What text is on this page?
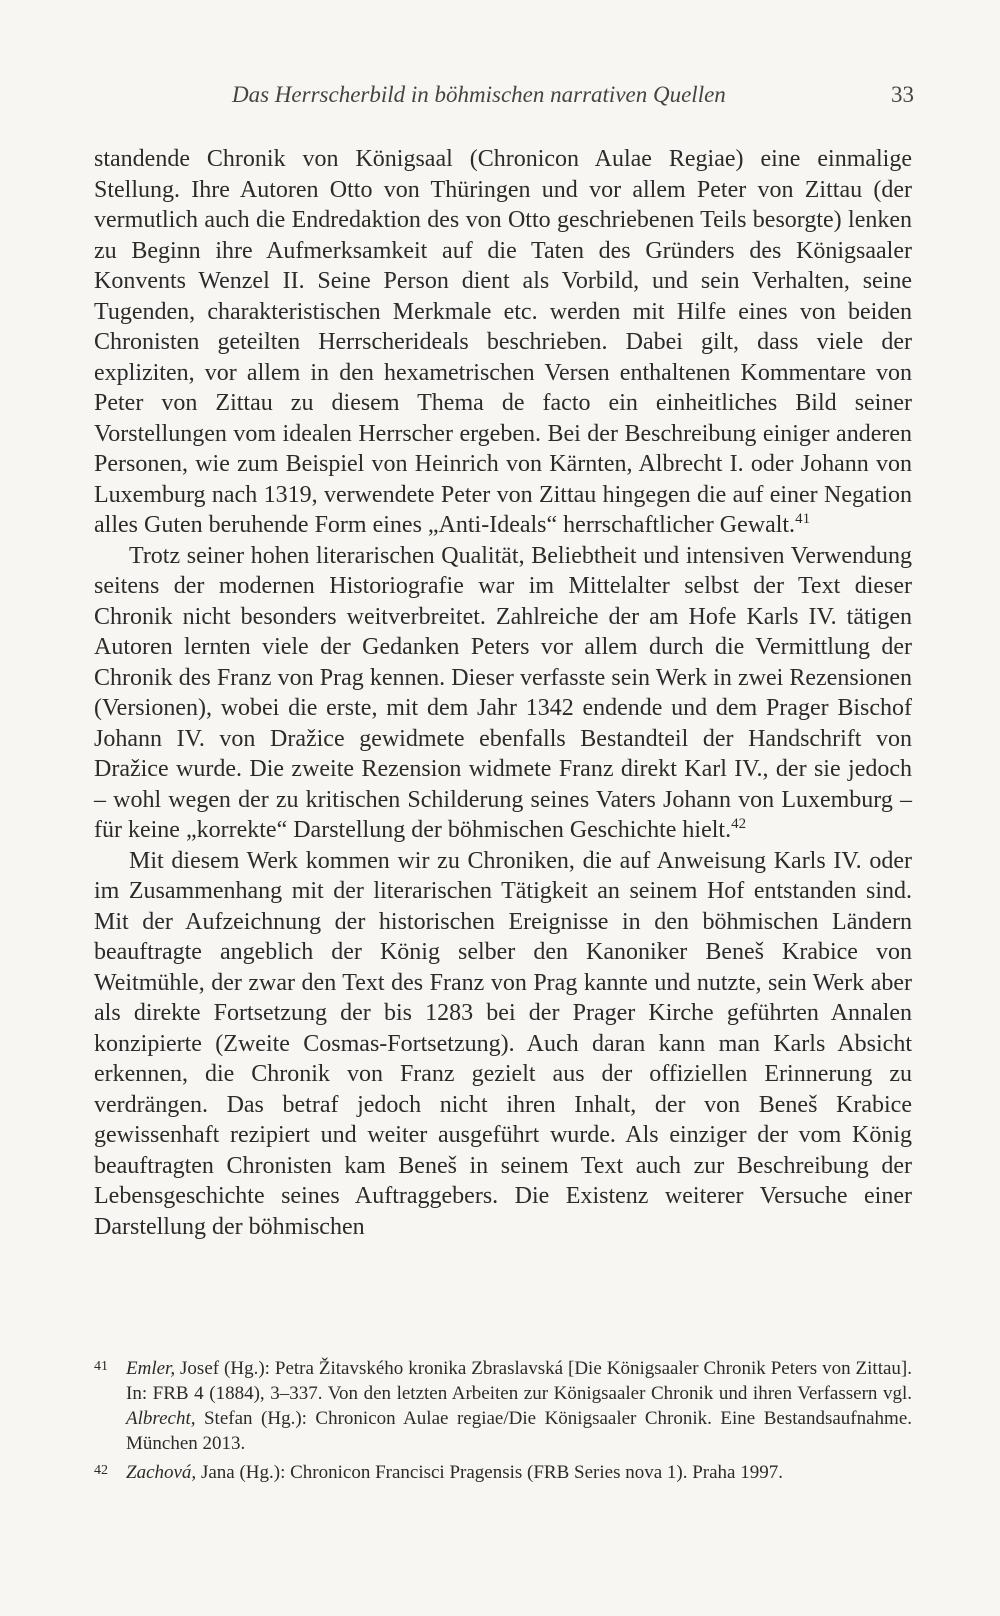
Das Herrscherbild in böhmischen narrativen Quellen	33

standende Chronik von Königsaal (Chronicon Aulae Regiae) eine einmalige Stellung. Ihre Autoren Otto von Thüringen und vor allem Peter von Zittau (der vermutlich auch die Endredaktion des von Otto geschriebenen Teils besorgte) lenken zu Beginn ihre Aufmerksamkeit auf die Taten des Gründers des Königsaaler Konvents Wenzel II. Seine Person dient als Vorbild, und sein Verhalten, seine Tugenden, charakteristischen Merkmale etc. werden mit Hilfe eines von beiden Chronisten geteilten Herrscherideals beschrieben. Dabei gilt, dass viele der expliziten, vor allem in den hexametrischen Versen enthaltenen Kommentare von Peter von Zittau zu diesem Thema de facto ein einheitliches Bild seiner Vorstellungen vom idealen Herrscher ergeben. Bei der Beschreibung einiger anderen Personen, wie zum Beispiel von Heinrich von Kärnten, Albrecht I. oder Johann von Luxemburg nach 1319, verwendete Peter von Zittau hingegen die auf einer Negation alles Guten beruhende Form eines „Anti-Ideals“ herrschaftlicher Gewalt.$^{41}$

Trotz seiner hohen literarischen Qualität, Beliebtheit und intensiven Verwendung seitens der modernen Historiografie war im Mittelalter selbst der Text dieser Chronik nicht besonders weitverbreitet. Zahlreiche der am Hofe Karls IV. tätigen Autoren lernten viele der Gedanken Peters vor allem durch die Vermittlung der Chronik des Franz von Prag kennen. Dieser verfasste sein Werk in zwei Rezensionen (Versionen), wobei die erste, mit dem Jahr 1342 endende und dem Prager Bischof Johann IV. von Dražice gewidmete ebenfalls Bestandteil der Handschrift von Dražice wurde. Die zweite Rezension widmete Franz direkt Karl IV., der sie jedoch – wohl wegen der zu kritischen Schilderung seines Vaters Johann von Luxemburg – für keine „korrekte“ Darstellung der böhmischen Geschichte hielt.$^{42}$

Mit diesem Werk kommen wir zu Chroniken, die auf Anweisung Karls IV. oder im Zusammenhang mit der literarischen Tätigkeit an seinem Hof entstanden sind. Mit der Aufzeichnung der historischen Ereignisse in den böhmischen Ländern beauftragte angeblich der König selber den Kanoniker Beneš Krabice von Weitmühle, der zwar den Text des Franz von Prag kannte und nutzte, sein Werk aber als direkte Fortsetzung der bis 1283 bei der Prager Kirche geführten Annalen konzipierte (Zweite Cosmas-Fortsetzung). Auch daran kann man Karls Absicht erkennen, die Chronik von Franz gezielt aus der offiziellen Erinnerung zu verdrängen. Das betraf jedoch nicht ihren Inhalt, der von Beneš Krabice gewissenhaft rezipiert und weiter ausgeführt wurde. Als einziger der vom König beauftragten Chronisten kam Beneš in seinem Text auch zur Beschreibung der Lebensgeschichte seines Auftraggebers. Die Existenz weiterer Versuche einer Darstellung der böhmischen

41 Emler, Josef (Hg.): Petra Žitavského kronika Zbraslavská [Die Königsaaler Chronik Peters von Zittau]. In: FRB 4 (1884), 3–337. Von den letzten Arbeiten zur Königsaaler Chronik und ihren Verfassern vgl. Albrecht, Stefan (Hg.): Chronicon Aulae regiae/Die Königsaaler Chronik. Eine Bestandsaufnahme. München 2013.
42 Zachová, Jana (Hg.): Chronicon Francisci Pragensis (FRB Series nova 1). Praha 1997.
